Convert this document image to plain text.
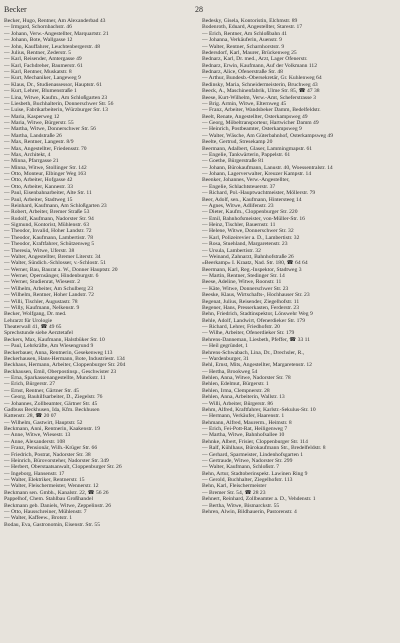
Becker	28
Becker, Hugo, Rentner, Am Alexanderbad 43
— Irmgard, Schornbachstr. 46
— Johann, Verw.-Angestellter, Marquartstr. 21
— Johann, Bote, Wallgasse 12
— John, Kauffahrer, Leuchtenbergerstr. 48
— Julius, Rentner, Zederstr. 5
— Karl, Reisender, Amtergasse 49
— Karl, Fachdreher, Baumerstr. 61
— Karl, Rentner, Muskatstr. 8
— Kurt, Mechaniker, Langeweg 9
— Klaus, Dr., Studienassessor, Hauptstr. 61
— Kurt, Lehrer, Blumenstraße 1
— Lina, Witwe, Kaufm., Am Schloßgarten 23
— Liesbeth, Buchhalterin, Donnerschwer Str. 56
— Luise, Fabrikarbeiterin, Würzburger Str. 13
— Maria, Kasperweg 12
— Maria, Witwe, Bürgerstr. 55
— Martha, Witwe, Donnerschwer Str. 56
— Martha, Landstraße 26
— Max, Rentner, Langestr. 8/9
— Max, Angestellter, Friedensstr. 70
— Max, Architekt, 4
— Minna, Pfarrgasse 21
— Minna, Witwe, Stollinger Str. 142
— Otto, Monteur, Elbinger Weg 163
— Otto, Arbeiter, Hofgasse 42
— Otto, Arbeiter, Kannestr. 33
— Paul, Eisenbahnarbeiter, Alte Str. 11
— Paul, Arbeiter, Stadtweg 15
— Reinhard, Kaufmann, Am Schloßgarten 23
— Robert, Arbeiter, Bremer Straße 53
— Rudolf, Kaufmann, Nadorster Str. 94
— Sigmund, Kontorist, Mühlenstr. 63
— Theodor, Invalid, Hoher Landstr. 72
— Theodor, Kaufmann, Lambertistr. 78
— Theodor, Kraftfahrer, Schützenweg 5
— Theresia, Witwe, Uferstr. 38
— Walter, Angestellter, Bremer Literstr. 34
— Walter, Sündich.-Schlosser, v.-Schlostr. 51
— Werner, Bau, Baurat a. W., Donner Hauptstr. 20
— Werner, Opernsänger, Hindenburgstr. 6
— Werner, Studienrat, Wiesestr. 2
— Wilhelm, Arbeiter, Am Schulberg 23
— Wilhelm, Rentner, Hoher Landstr. 72
— Willi, Tischler, Augustastr. 78
— Willy, Kaufmann, Nelkenstr. 9
Becker, Wolfgang, Dr. med.
Lehrarzt für Urologie
Theaterwall 41, ☎ 49 65
Sprechstunde siehe Aerztetafel
Beckers, Max, Kaufmann, Halstbüker Str. 10
— Paul, Lehrkräfte, Am Wiesengrund 9
Beckerbauer, Anna, Rentnerin, Gesekenweg 113
Beckerhausen, Hans-Hermann, Bote, Industriestr. 134
Beckhaus, Hermann, Arbeiter, Cloppenburger Str. 204
Beckhausen, Emil, Oberpostinsp., Geschwister 23
— Erna, Sparkassenangestellte, Munckstr. 11
— Erich, Bürgerstr. 27
— Ernst, Rentner, Gärtner Str. 45
— Georg, Bauhilfsarbeiter, D., Ziegelstr. 76
— Johannes, Zollbeamter, Gärtner Str. 45
Gadbuss Beckhusen, Ida, Kfm. Beckhusen
Kattenstr. 28, ☎ 20 07
— Wilhelm, Gastwirt, Hauptstr. 52
Beckmann, Anni, Rentnerin, Kaakenstr. 19
— Anne, Witwe, Wiesestr. 13
— Anne, Alexanderstr. 108
— Franz, Pensionär, Wilh.-Krüger Str. 66
— Friedrich, Postrat, Nadorster Str. 38
— Heinrich, Bürovorsteher, Nadorster Str. 349
— Herbert, Oberstaatsanwalt, Cloppenburger Str. 26
— Ingeborg, Hansenstr. 17
— Walter, Elektriker, Rentnerstr. 15
— Walter, Fleischermeister, Wennerstr. 12
Beckmann sen. Gmbh., Kanalstr. 22, ☎ 56 26
Pappelhof, Chem. Stahlbau Großhandel
Beckmann geb. Daniels, Witwe, Zeppelinstr. 26
— Otto, Hausschreiner, Mühlenstr. 7
— Walter, Kaffeew., Brotstr. 1
Bodau, Eva, Gastronomin, Eisenstr. Str. 55
Bedesky, Gisela, Kontoristin, Elchmstr. 89
Bodenroth, Eduard, Angestellter, Starestr. 17
— Erich, Rentner, Am Schloßbahn 41
— Johanna, Verkäuferin, Auenstr. 9
— Walter, Rentner, Scharnhorststr. 9
Bedersdorf, Karl, Maurer, Brückenweg 25
Bednarz, Karl, Dr. med., Arzt, Lager Ofenerstr.
Bednarz, Erwin, Kaufmann, Auf der Volkmann 112
Bednarz, Alice, Ofenerstraße Str. 48
— Arthur, Bundesb.-Obersekretär, Gr. Kuhlenweg 64
Bedinsky, Maria, Schneidermeisterin, Bruchweg 43
Beeck, A., Maschinenfabrik, Ulme Str. 85, ☎ 47 38
Beese, Kurt-Wilhelm, Verw.-Amt, Scheferstrasse 3
— Brig. Armin, Witwe, Elternweg 45
— Franz, Arbeiter, Wandsbeker Damm, Bedelfeldstr.
Beelt, Renate, Angestellter, Osterkampsweg 49
— Georg, Möbeltransporteur, Hartwicher Damm 49
— Heinrich, Postbeamter, Osterkampsweg 9
— Walter, Wäsche, Am Güterbahnhof, Osterkampsweg 49
Beelte, Gertrud, Stresekamp 20
Beermann, Adalbert, Glaser, Lammingmapstr. 61
— Engelie, Tankwärterin, Pappelstr. 61
— Goethe, Bürgerstraße 81
— Johann, Bürokaufmann, Lanustr. 40, Woessentralstr. 14
— Johann, Lagerverwalter, Kreuzer Kampstr. 14
Beenker, Johannes, Verw.-Angestellter,
— Engelie, Schlachtsteuerstr. 37
— Richard, Pol.-Hauptwachtmeister, Möllerstr. 79
Beer, Adolf, sen., Kaufmann, Hintersteeg 14
— Agnes, Witwe, Adlifenstr. 23
— Dieter, Kaufm., Cloppenburger Str. 220
— Emil, Bahnhofsmeister, von-Müller-Str. 16
— Heinz, Tischler, Bauernstr. 11
— Helene, Witwe, Donnerschwer Str. 32
— Karl, Polizeirevier a. D., Lambertistr. 32
— Rosa, Stuehland, Margaretenstr. 23
— Ursula, Lambertistr. 32
— Weinand, Zahnarzt, Bahnhofstraße 26
»Beerkamp« I. Kraatz, Nad. Str. 180, ☎ 64 64
Beermann, Karl, Reg.-Inspektor, Stadtweg 3
— Martin, Rentner, Stedinger Str. 14
Beese, Adeline, Witwe, Roonstr. 11
— Käte, Witwe, Donnerschwer Str. 23
Beeske, Klaus, Wirtschafts-, Hochhauser Str. 23
Begenat, Julius, Reisender, Ziegelhofstr. 11
Begener, Hans, Presserkasten, Ferderstr. 23
Behn, Friedrich, Stadtinspektor, Lönswehr Weg 9
Behle, Adolf, Landwirt, Ofenerdieker Str. 179
— Richard, Lehrer, Friedhofstr. 20
— Wilhe, Arbeiter, Ofenerdieker Str. 179
Behrens-Danneman, Liesbeth, Pfeffer, ☎ 33 11
— Heil gegründet, 1
Behrens-Schwabach, Lina, Dr., Drechsler, R.,
— Wardenburger, 31
Behl, Ernst, Mits, Angestellter, Margaretenstr. 12
— Hertha, Brookweg 54
Behlen, Anna, Witwe, Nadorster Str. 78
Behlen, Edelmut, Bürgerstr. 1
Behlen, Irma, Clempnerstr. 28
Behlen, Anna, Arbeiterin, Wallstr. 13
— Willi, Arbeiter, Bürgerstr. 86
Behm, Alfred, Kraftfahrer, Karlstr.-Sekulus-Str. 10
— Hermann, Verkäufer, Haarenstr. 1
Behmann, Alfred, Maurerm., Heimstr. 8
— Erich, Fei-Pott-Rat, Heiligenweg 7
— Martha, Witwe, Bahnhofsallee 10
Behnke, Albert, Frisier, Cloppenburger Str. 114
— Ralf, Kühlhaus, Bürokaufmann Str., Bredelfeldstr. 8
— Gerhard, Sparmeister, Lindenhofsgarten 1
— Gertraude, Witwe, Nadorster Str. 299
— Walter, Kaufmann, Schloßstr. 7
Behn, Artur, Stadtoberinspekt. Lawinen Ring 9
— Gerold, Buchhalter, Ziegelhofstr. 113
Behn, Karl, Fleischermeister
— Bremer Str. 54, ☎ 28 23
Behnert, Reinhard, Zollbeamter a. D., Vehdenstr. 1
— Bertha, Witwe, Bismarckstr. 55
Behren, Alwin, Bildhauerin, Pastorenstr. 4
